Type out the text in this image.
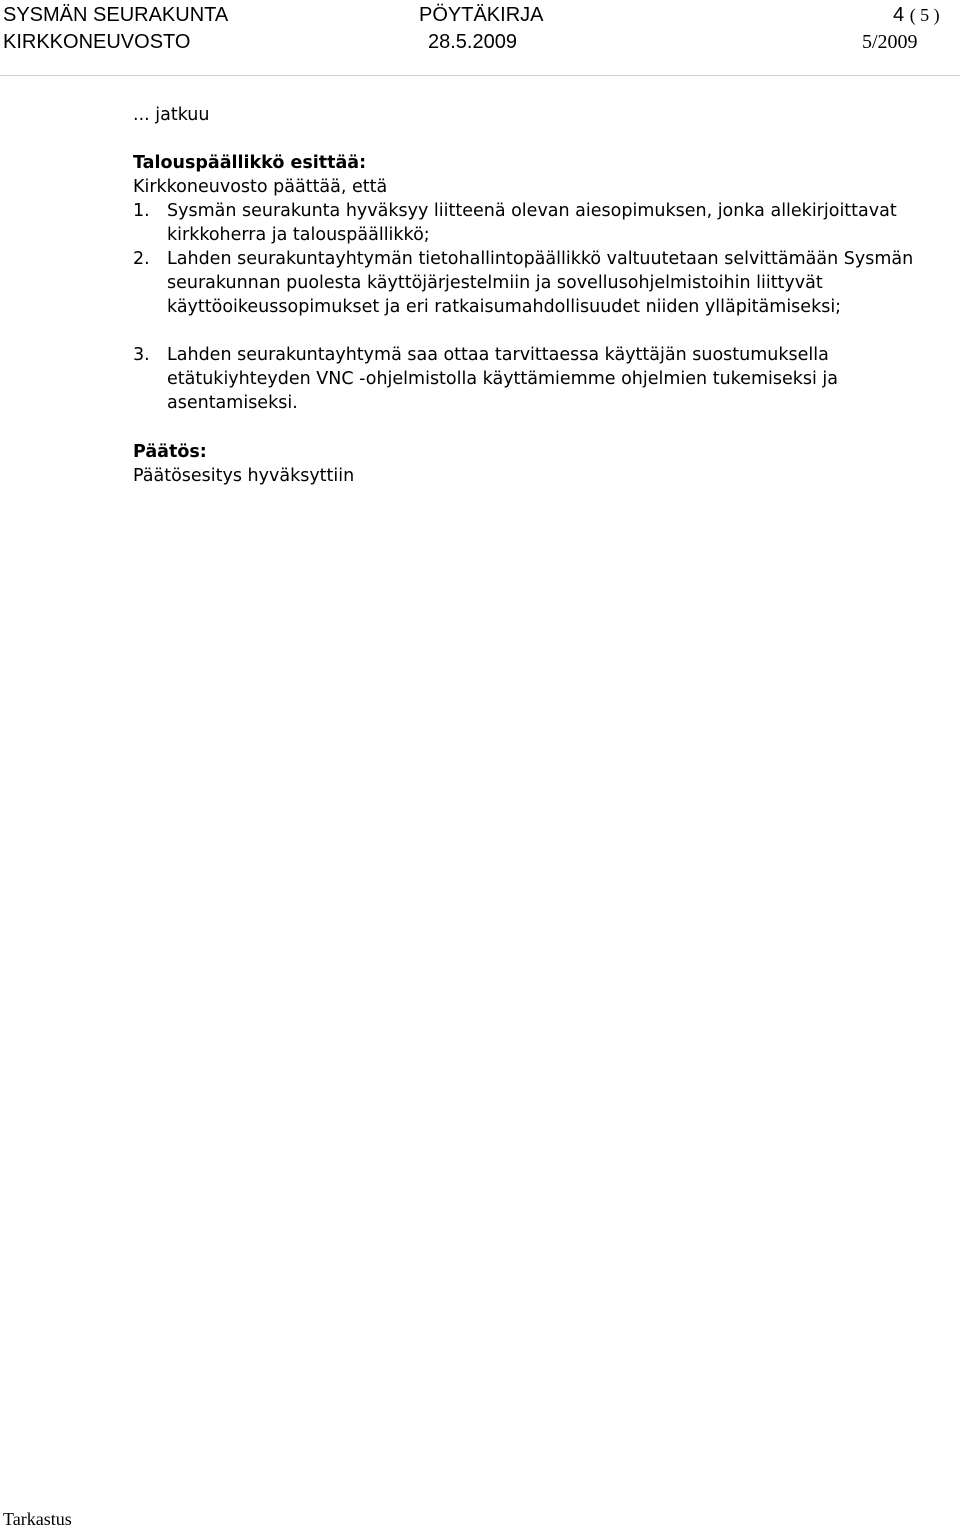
SYSMÄN SEURAKUNTA
KIRKKONEUVOSTO
PÖYTÄKIRJA
28.5.2009
4 ( 5 )
5/2009
... jatkuu
Talouspäällikkö esittää:
Kirkkoneuvosto päättää, että
1. Sysmän seurakunta hyväksyy liitteenä olevan aiesopimuksen, jonka allekirjoittavat kirkkoherra ja talouspäällikkö;
2. Lahden seurakuntayhtymän tietohallintopäällikkö valtuutetaan selvittämään Sysmän seurakunnan puolesta käyttöjärjestelmiin ja sovellusohjelmistoihin liittyvät käyttöoikeussopimukset ja eri ratkaisumahdollisuudet niiden ylläpitämiseksi;
3. Lahden seurakuntayhtymä saa ottaa tarvittaessa käyttäjän suostumuksella etätukiyhteyden VNC -ohjelmistolla käyttämiemme ohjelmien tukemiseksi ja asentamiseksi.
Päätös:
Päätösesitys hyväksyttiin
Tarkastus
